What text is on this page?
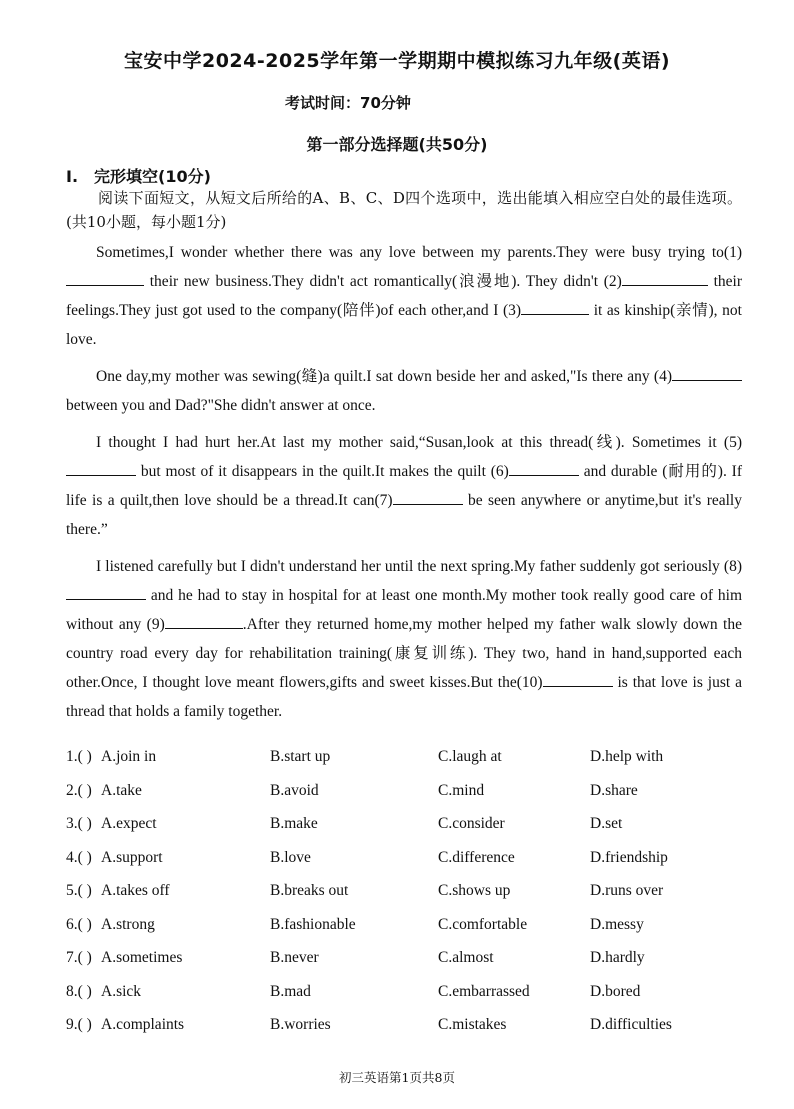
宝安中学2024-2025学年第一学期期中模拟练习九年级(英语)
考试时间：70分钟
第一部分选择题(共50分)
I. 完形填空(10分)
阅读下面短文，从短文后所给的A、B、C、D四个选项中，选出能填入相应空白处的最佳选项。(共10小题，每小题1分)

Sometimes,I wonder whether there was any love between my parents.They were busy trying to(1) their new business.They didn't act romantically(浪漫地). They didn't (2)	their feelings.They just got used to the company(陪伴)of each other,and I (3)	it as kinship(亲情), not love.

One day,my mother was sewing(缝)a quilt.I sat down beside her and asked,"Is there any (4) between you and Dad?"She didn't answer at once.

I thought I had hurt her.At last my mother said,“Susan,look at this thread(线). Sometimes it (5) but most of it disappears in the quilt.It makes the quilt (6)	and durable (耐用的). If life is a quilt,then love should be a thread.It can(7)	be seen anywhere or anytime,but it's really there.”

I listened carefully but I didn't understand her until the next spring.My father suddenly got seriously (8) and he had to stay in hospital for at least one month.My mother took really good care of him without any (9)	.After they returned home,my mother helped my father walk slowly down the country road every day for rehabilitation training(康复训练). They two, hand in hand,supported each other.Once, I thought love meant flowers,gifts and sweet kisses.But the(10)	is that love is just a thread that holds a family together.

1.( ) A.join in	B.start up	C.laugh at	D.help with
2.( ) A.take	B.avoid	C.mind	D.share
3.( ) A.expect	B.make	C.consider	D.set
4.( ) A.support	B.love	C.difference	D.friendship
5.( ) A.takes off	B.breaks out	C.shows up	D.runs over
6.( ) A.strong	B.fashionable	C.comfortable	D.messy
7.( ) A.sometimes	B.never	C.almost	D.hardly
8.( ) A.sick	B.mad	C.embarrassed	D.bored
9.( ) A.complaints	B.worries	C.mistakes	D.difficulties
初三英语第1页共8页
